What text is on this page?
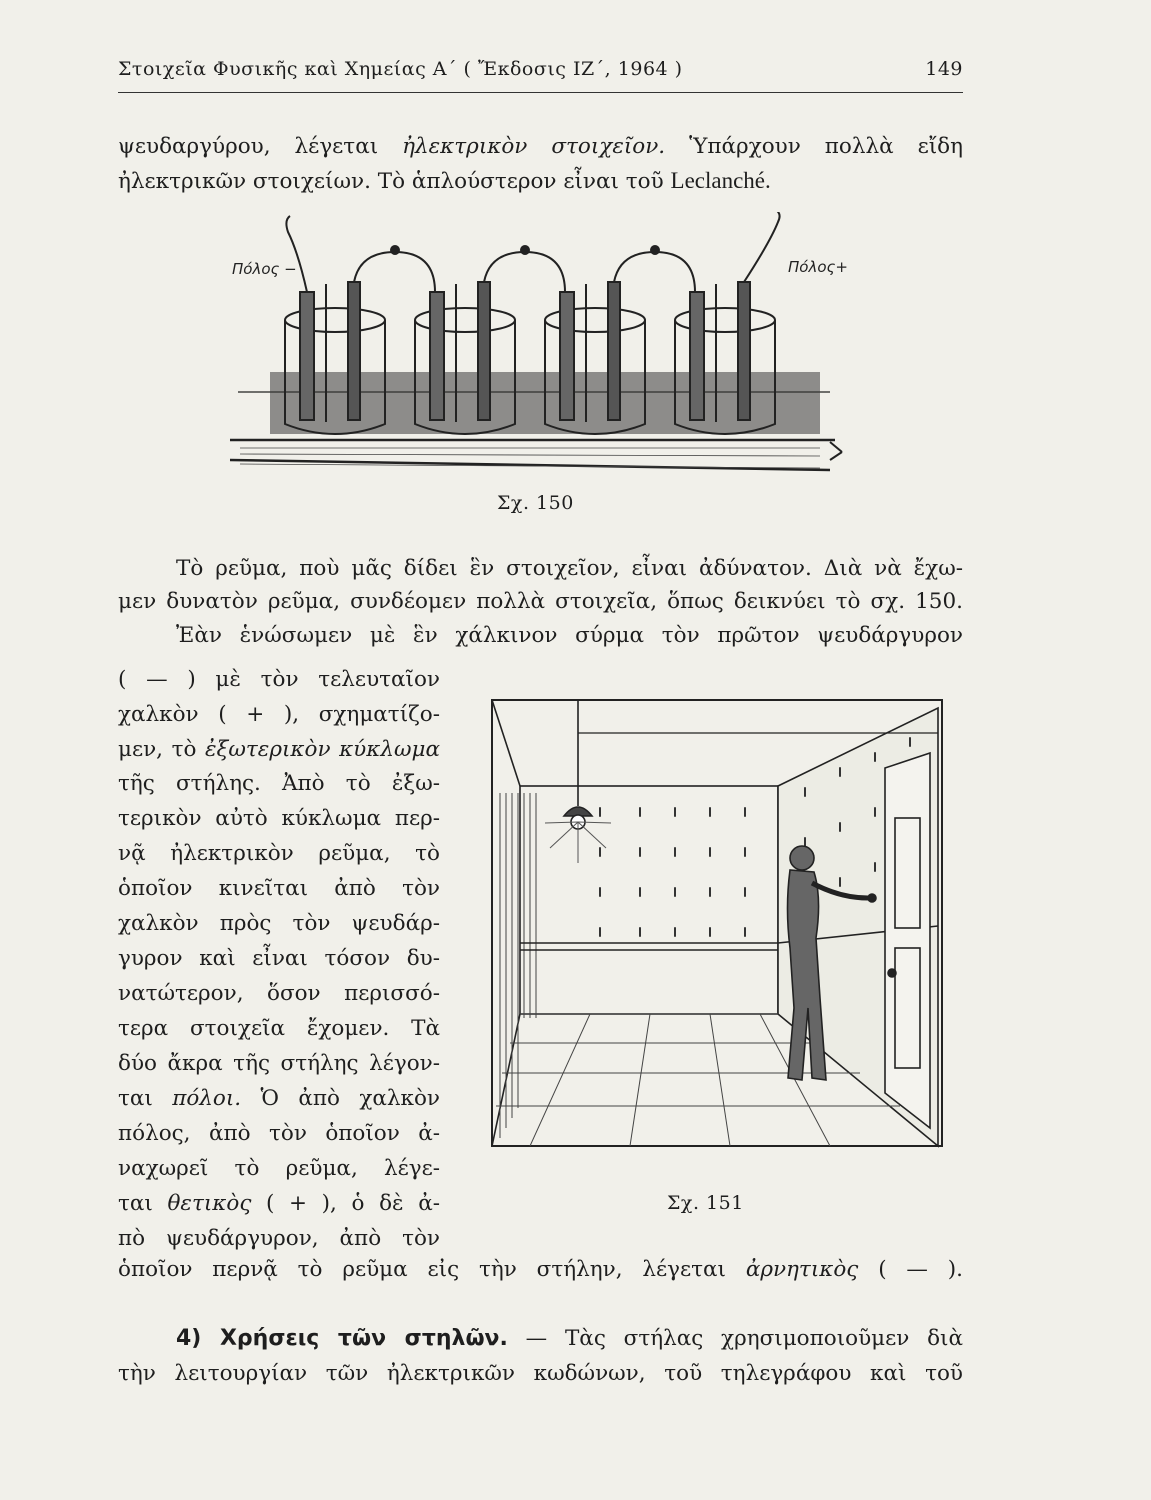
Στοιχεῖα Φυσικῆς καὶ Χημείας Α΄ ( Ἔκδοσις ΙΖ΄, 1964 )	149
ψευδαργύρου, λέγεται ἠλεκτρικὸν στοιχεῖον. Ὑπάρχουν πολλὰ εἴδη
ἠλεκτρικῶν στοιχείων. Τὸ ἁπλούστερον εἶναι τοῦ Leclanché.
Πόλος −	Πόλος+
Σχ. 150
Τὸ ρεῦμα, ποὺ μᾶς δίδει ἓν στοιχεῖον, εἶναι ἀδύνατον. Διὰ νὰ ἔχω-
μεν δυνατὸν ρεῦμα, συνδέομεν πολλὰ στοιχεῖα, ὅπως δεικνύει τὸ σχ. 150.
Ἐὰν ἑνώσωμεν μὲ ἓν χάλκινον σύρμα τὸν πρῶτον ψευδάργυρον
( — ) μὲ τὸν τελευταῖον
χαλκὸν ( + ), σχηματίζο-
μεν, τὸ ἐξωτερικὸν κύκλωμα
τῆς στήλης. Ἀπὸ τὸ ἐξω-
τερικὸν αὐτὸ κύκλωμα περ-
νᾷ ἠλεκτρικὸν ρεῦμα, τὸ
ὁποῖον κινεῖται ἀπὸ τὸν
χαλκὸν πρὸς τὸν ψευδάρ-
γυρον καὶ εἶναι τόσον δυ-
νατώτερον, ὅσον περισσό-
τερα στοιχεῖα ἔχομεν. Τὰ
δύο ἄκρα τῆς στήλης λέγον-
ται πόλοι. Ὁ ἀπὸ χαλκὸν
πόλος, ἀπὸ τὸν ὁποῖον ἀ-
ναχωρεῖ τὸ ρεῦμα, λέγε-
ται θετικὸς ( + ), ὁ δὲ ἀ-
πὸ ψευδάργυρον, ἀπὸ τὸν
Σχ. 151
ὁποῖον περνᾷ τὸ ρεῦμα εἰς τὴν στήλην, λέγεται ἀρνητικὸς ( — ).
4) Χρήσεις τῶν στηλῶν. — Τὰς στήλας χρησιμοποιοῦμεν διὰ
τὴν λειτουργίαν τῶν ἠλεκτρικῶν κωδώνων, τοῦ τηλεγράφου καὶ τοῦ
